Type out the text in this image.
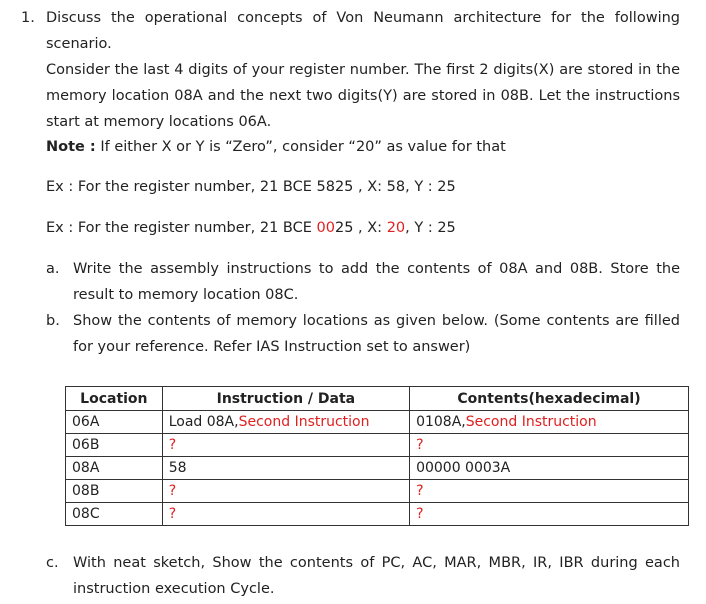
1. Discuss the operational concepts of Von Neumann architecture for the following scenario.
Consider the last 4 digits of your register number. The first 2 digits(X) are stored in the memory location 08A and the next two digits(Y) are stored in 08B. Let the instructions start at memory locations 06A.
Note : If either X or Y is “Zero”, consider “20” as value for that
Ex : For the register number, 21 BCE 5825 , X: 58, Y : 25
Ex : For the register number, 21 BCE 0025 , X: 20, Y : 25
a. Write the assembly instructions to add the contents of 08A and 08B. Store the result to memory location 08C.
b. Show the contents of memory locations as given below. (Some contents are filled for your reference. Refer IAS Instruction set to answer)
Location	Instruction / Data	Contents(hexadecimal)
06A	Load 08A,Second Instruction	0108A,Second Instruction
06B	?	?
08A	58	00000 0003A
08B	?	?
08C	?	?
c. With neat sketch, Show the contents of PC, AC, MAR, MBR, IR, IBR during each instruction execution Cycle.
